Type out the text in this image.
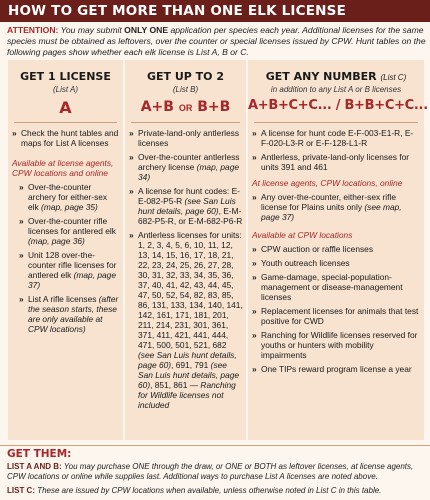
HOW TO GET MORE THAN ONE ELK LICENSE
ATTENTION: You may submit ONLY ONE application per species each year. Additional licenses for the same species must be obtained as leftovers, over the counter or special licenses issued by CPW. Hunt tables on the following pages show whether each elk license is List A, B or C.
GET 1 LICENSE
(List A)
A
» Check the hunt tables and maps for List A licenses
Available at license agents, CPW locations and online
» Over-the-counter archery for either-sex elk (map, page 35)
» Over-the-counter rifle licenses for antlered elk (map, page 36)
» Unit 128 over-the-counter rifle licenses for antlered elk (map, page 37)
» List A rifle licenses (after the season starts, these are only available at CPW locations)
GET UP TO 2
(List B)
A+B OR B+B
» Private-land-only antlerless licenses
» Over-the-counter antlerless archery license (map, page 34)
» A license for hunt codes: E-E-082-P5-R (see San Luis hunt details, page 60), E-M-682-P5-R, or E-M-682-P6-R
» Antlerless licenses for units: 1, 2, 3, 4, 5, 6, 10, 11, 12, 13, 14, 15, 16, 17, 18, 21, 22, 23, 24, 25, 26, 27, 28, 30, 31, 32, 33, 34, 35, 36, 37, 40, 41, 42, 43, 44, 45, 47, 50, 52, 54, 82, 83, 85, 86, 131, 133, 134, 140, 141, 142, 161, 171, 181, 201, 211, 214, 231, 301, 361, 371, 411, 421, 441, 444, 471, 500, 501, 521, 682 (see San Luis hunt details, page 60), 691, 791 (see San Luis hunt details, page 60), 851, 861 — Ranching for Wildlife licenses not included
GET ANY NUMBER (List C)
in addition to any List A or B licenses
A+B+C+C... / B+B+C+C...
» A license for hunt code E-F-003-E1-R, E-F-020-L3-R or E-F-128-L1-R
» Antlerless, private-land-only licenses for units 391 and 461
At license agents, CPW locations, online
» Any over-the-counter, either-sex rifle license for Plains units only (see map, page 37)
Available at CPW locations
» CPW auction or raffle licenses
» Youth outreach licenses
» Game-damage, special-population-management or disease-management licenses
» Replacement licenses for animals that test positive for CWD
» Ranching for Wildlife licenses reserved for youths or hunters with mobility impairments
» One TIPs reward program license a year
GET THEM:
LIST A AND B: You may purchase ONE through the draw, or ONE or BOTH as leftover licenses, at license agents, CPW locations or online while supplies last. Additional ways to purchase List A licenses are noted above.
LIST C: These are issued by CPW locations when available, unless otherwise noted in List C in this table.
